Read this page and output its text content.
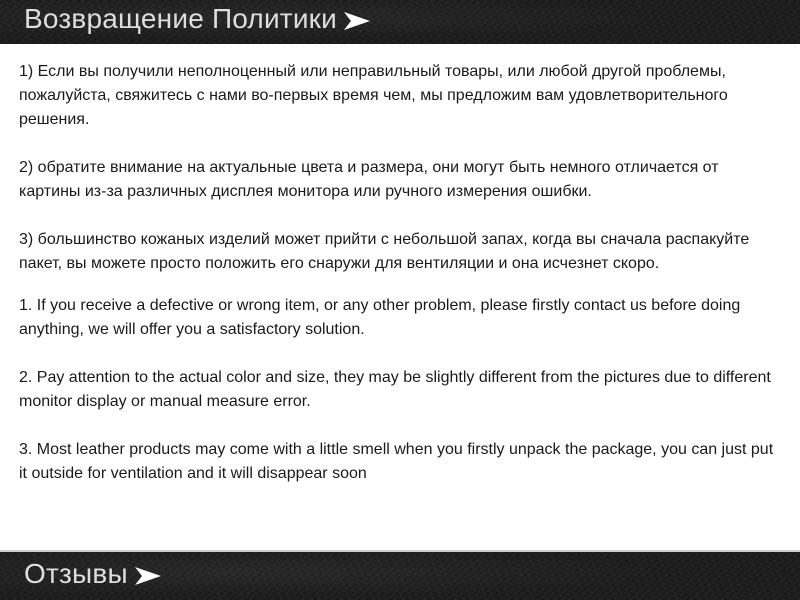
Возвращение Политики

1) Если вы получили неполноценный или неправильный товары, или любой другой проблемы, пожалуйста, свяжитесь с нами во-первых время чем, мы предложим вам удовлетворительного решения.

2) обратите внимание на актуальные цвета и размера, они могут быть немного отличается от картины из-за различных дисплея монитора или ручного измерения ошибки.

3) большинство кожаных изделий может прийти с небольшой запах, когда вы сначала распакуйте пакет, вы можете просто положить его снаружи для вентиляции и она исчезнет скоро.

1. If you receive a defective or wrong item, or any other problem, please firstly contact us before doing anything, we will offer you a satisfactory solution.

2. Pay attention to the actual color and size, they may be slightly different from the pictures due to different monitor display or manual measure error.

3. Most leather products may come with a little smell when you firstly unpack the package, you can just put it outside for ventilation and it will disappear soon

Отзывы
